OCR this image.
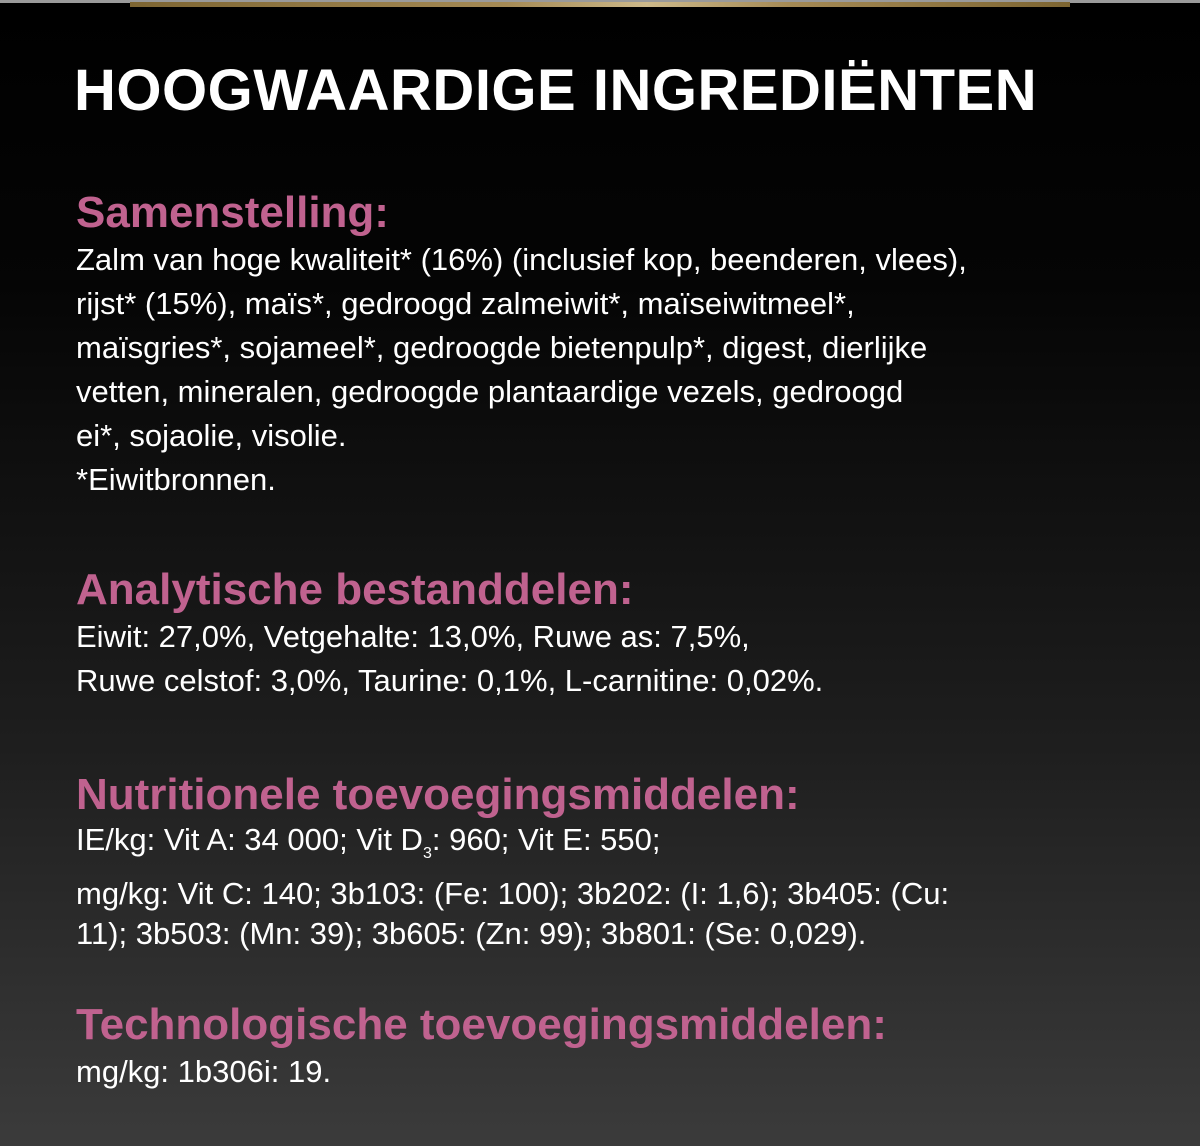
HOOGWAARDIGE INGREDIËNTEN
Samenstelling:
Zalm van hoge kwaliteit* (16%) (inclusief kop, beenderen, vlees),
rijst* (15%), maïs*, gedroogd zalmeiwit*, maïseiwitmeel*,
maïsgries*, sojameel*, gedroogde bietenpulp*, digest, dierlijke
vetten, mineralen, gedroogde plantaardige vezels, gedroogd
ei*, sojaolie, visolie.
*Eiwitbronnen.
Analytische bestanddelen:
Eiwit: 27,0%, Vetgehalte: 13,0%, Ruwe as: 7,5%,
Ruwe celstof: 3,0%, Taurine: 0,1%, L-carnitine: 0,02%.
Nutritionele toevoegingsmiddelen:
IE/kg: Vit A: 34 000; Vit $D_3$: 960; Vit E: 550;
mg/kg: Vit C: 140; 3b103: (Fe: 100); 3b202: (I: 1,6); 3b405: (Cu:
11); 3b503: (Mn: 39); 3b605: (Zn: 99); 3b801: (Se: 0,029).
Technologische toevoegingsmiddelen:
mg/kg: 1b306i: 19.
